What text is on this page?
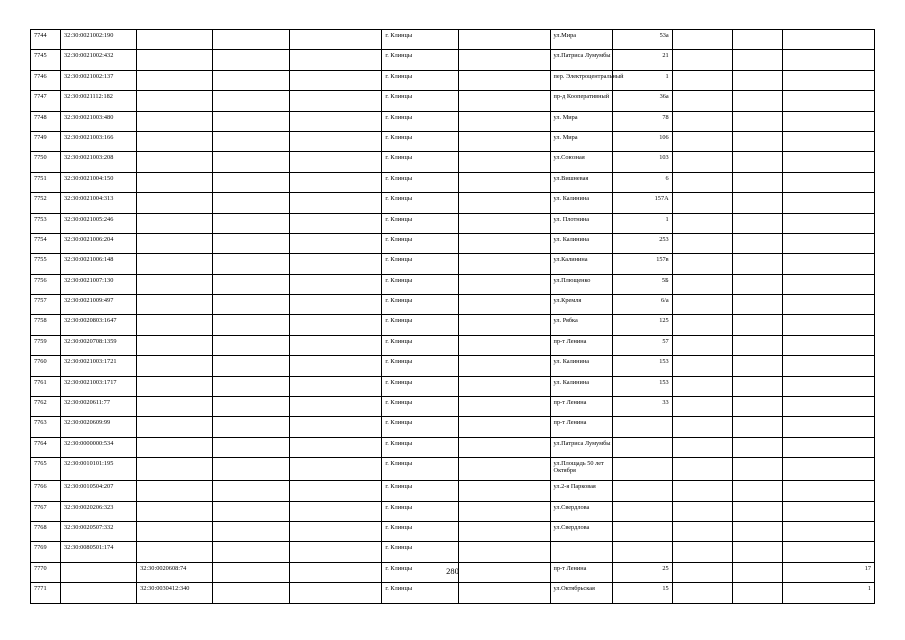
7744	32:30:0021002:190				г. Клинцы		ул.Мира	53а			
7745	32:30:0021002:432				г. Клинцы		ул.Патриса Лумумбы	21			
7746	32:30:0021002:137				г. Клинцы		пер. Электроцентральный	1			
7747	32:30:0021112:182				г. Клинцы		пр-д Кооперативный	36а			
7748	32:30:0021003:480				г. Клинцы		ул. Мира	78			
7749	32:30:0021003:166				г. Клинцы		ул. Мира	106			
7750	32:30:0021003:208				г. Клинцы		ул.Союзная	103			
7751	32:30:0021004:150				г. Клинцы		ул.Вишневая	6			
7752	32:30:0021004:313				г. Клинцы		ул. Калинина	157А			
7753	32:30:0021005:246				г. Клинцы		ул. Плотнина	1			
7754	32:30:0021006:204				г. Клинцы		ул. Калинина	253			
7755	32:30:0021006:148				г. Клинцы		ул.Калинина	157в			
7756	32:30:0021007:130				г. Клинцы		ул.Плющенко	5Б			
7757	32:30:0021009:497				г. Клинцы		ул.Кремля	6/а			
7758	32:30:0020803:1647				г. Клинцы		ул. Рябка	125			
7759	32:30:0020708:1359				г. Клинцы		пр-т Ленина	57			
7760	32:30:0021003:1721				г. Клинцы		ул. Калинина	153			
7761	32:30:0021003:1717				г. Клинцы		ул. Калинина	153			
7762	32:30:0020611:77				г. Клинцы		пр-т Ленина	33			
7763	32:30:0020609:99				г. Клинцы		пр-т Ленина				
7764	32:30:0000000:534				г. Клинцы		ул.Патриса Лумумбы				
7765	32:30:0010101:195				г. Клинцы		ул.Площадь 50 лет Октября				
7766	32:30:0010504:207				г. Клинцы		ул.2-я Парковая				
7767	32:30:0020206:323				г. Клинцы		ул.Свердлова				
7768	32:30:0020507:332				г. Клинцы		ул.Свердлова				
7769	32:30:0080501:174				г. Клинцы						
7770		32:30:0020608:74			г. Клинцы		пр-т Ленина	25			17
7771		32:30:0030412:340			г. Клинцы		ул.Октябрьская	15			1
280
